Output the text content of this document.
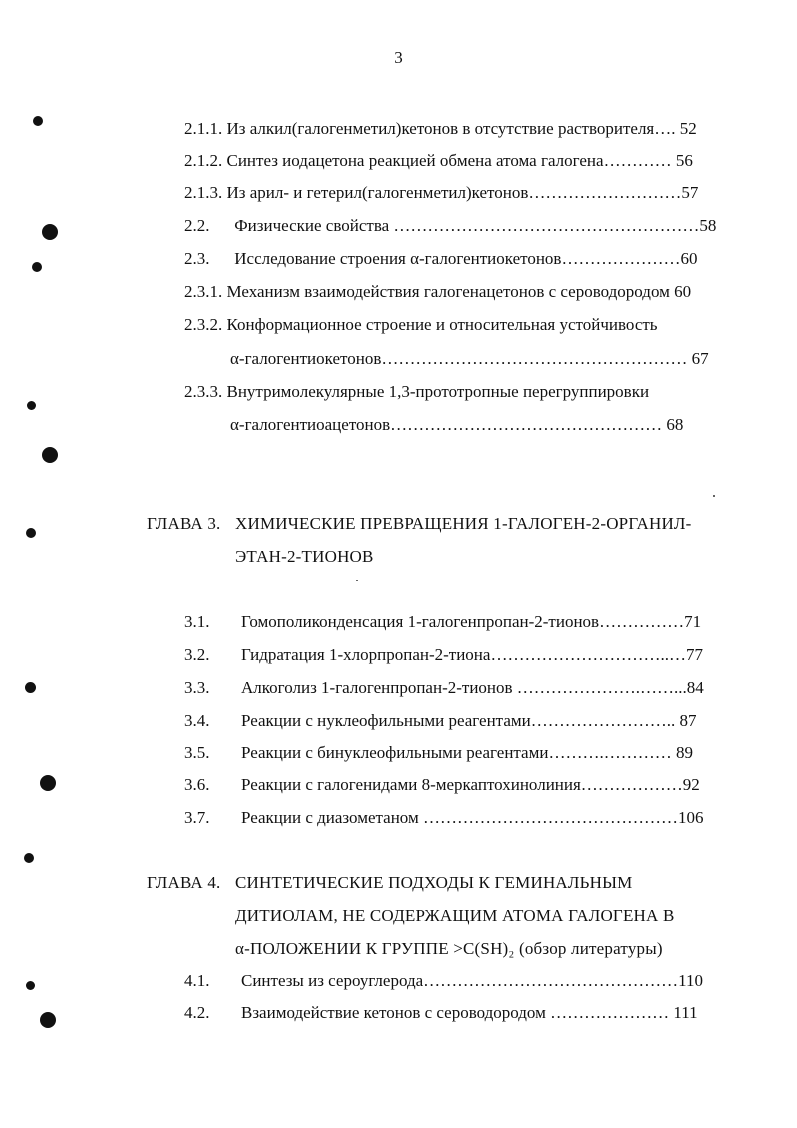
3
2.1.1. Из алкил(галогенметил)кетонов в отсутствие растворителя…. 52
2.1.2. Синтез иодацетона реакцией обмена атома галогена………… 56
2.1.3. Из арил- и гетерил(галогенметил)кетонов………………………57
2.2. Физические свойства ………………………………………………58
2.3. Исследование строения α-галогентиокетонов…………………60
2.3.1. Механизм взаимодействия галогенацетонов с сероводородом 60
2.3.2. Конформационное строение и относительная устойчивость
α-галогентиокетонов……………………………………………… 67
2.3.3. Внутримолекулярные 1,3-прототропные перегруппировки
α-галогентиоацетонов………………………………………… 68
ГЛАВА 3. ХИМИЧЕСКИЕ ПРЕВРАЩЕНИЯ 1-ГАЛОГЕН-2-ОРГАНИЛ-
ЭТАН-2-ТИОНОВ
3.1. Гомополиконденсация 1-галогенпропан-2-тионов……………71
3.2. Гидратация 1-хлорпропан-2-тиона…………………………..…77
3.3. Алкоголиз 1-галогенпропан-2-тионов ………………….……...84
3.4. Реакции с нуклеофильными реагентами…………………….. 87
3.5. Реакции с бинуклеофильными реагентами……….………… 89
3.6. Реакции с галогенидами 8-меркаптохинолиния………………92
3.7. Реакции с диазометаном ………………………………………106
ГЛАВА 4. СИНТЕТИЧЕСКИЕ ПОДХОДЫ К ГЕМИНАЛЬНЫМ
ДИТИОЛАМ, НЕ СОДЕРЖАЩИМ АТОМА ГАЛОГЕНА В
α-ПОЛОЖЕНИИ К ГРУППЕ >C(SH)₂ (обзор литературы)
4.1. Синтезы из сероуглерода………………………………………110
4.2. Взаимодействие кетонов с сероводородом ………………… 111
